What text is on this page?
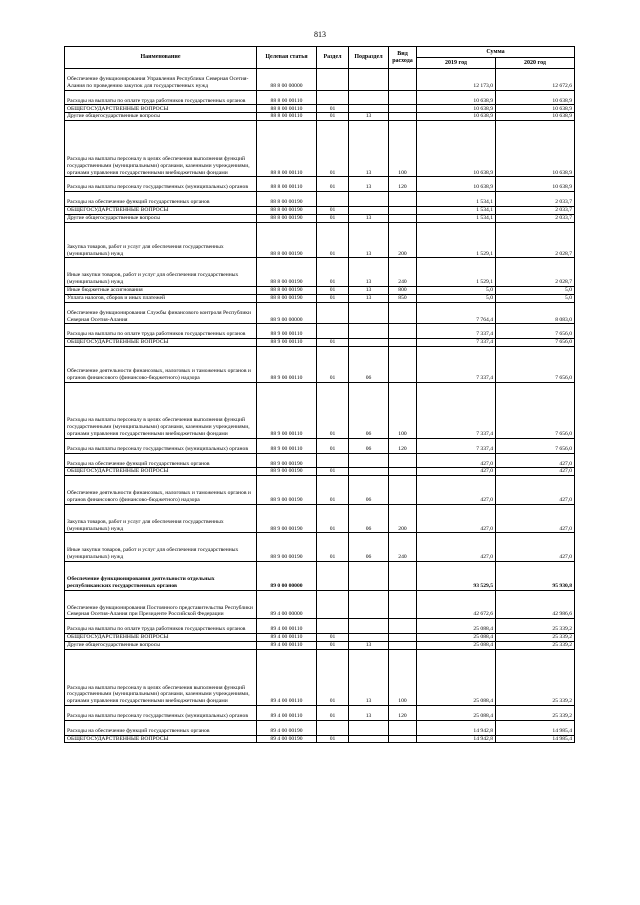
813
Наименование	Целевая статья	Раздел	Подраздел	Вид расхода	Сумма	
					2019 год	2020 год
Обеспечение функционирования Управления Республики Северная Осетия-Алания по проведению закупок для государственных нужд	88 8 00 00000				12 173,0	12 672,6
Расходы на выплаты по оплате труда работников государственных органов	88 8 00 00110				10 638,9	10 638,9
ОБЩЕГОСУДАРСТВЕННЫЕ ВОПРОСЫ	88 8 00 00110	01			10 638,9	10 638,9
Другие общегосударственные вопросы	88 8 00 00110	01	13		10 638,9	10 638,9
Расходы на выплаты персоналу в целях обеспечения выполнения функций государственными (муниципальными) органами, казенными учреждениями, органами управления государственными внебюджетными фондами	88 8 00 00110	01	13	100	10 638,9	10 638,9
Расходы на выплаты персоналу государственных (муниципальных) органов	88 8 00 00110	01	13	120	10 638,9	10 638,9
Расходы на обеспечение функций государственных органов	88 8 00 00190				1 534,1	2 033,7
ОБЩЕГОСУДАРСТВЕННЫЕ ВОПРОСЫ	88 8 00 00190	01			1 534,1	2 033,7
Другие общегосударственные вопросы	88 8 00 00190	01	13		1 534,1	2 033,7
Закупка товаров, работ и услуг для обеспечения государственных (муниципальных) нужд	88 8 00 00190	01	13	200	1 529,1	2 028,7
Иные закупки товаров, работ и услуг для обеспечения государственных (муниципальных) нужд	88 8 00 00190	01	13	240	1 529,1	2 028,7
Иные бюджетные ассигнования	88 8 00 00190	01	13	800	5,0	5,0
Уплата налогов, сборов и иных платежей	88 8 00 00190	01	13	850	5,0	5,0
Обеспечение функционирования Службы финансового контроля Республики Северная Осетия-Алания	88 9 00 00000				7 764,4	8 083,0
Расходы на выплаты по оплате труда работников государственных органов	88 9 00 00110				7 337,4	7 656,0
ОБЩЕГОСУДАРСТВЕННЫЕ ВОПРОСЫ	88 9 00 00110	01			7 337,4	7 656,0
Обеспечение деятельности финансовых, налоговых и таможенных органов и органов финансового (финансово-бюджетного) надзора	88 9 00 00110	01	06		7 337,4	7 656,0
Расходы на выплаты персоналу в целях обеспечения выполнения функций государственными (муниципальными) органами, казенными учреждениями, органами управления государственными внебюджетными фондами	88 9 00 00110	01	06	100	7 337,4	7 656,0
Расходы на выплаты персоналу государственных (муниципальных) органов	88 9 00 00110	01	06	120	7 337,4	7 656,0
Расходы на обеспечение функций государственных органов	88 9 00 00190				427,0	427,0
ОБЩЕГОСУДАРСТВЕННЫЕ ВОПРОСЫ	88 9 00 00190	01			427,0	427,0
Обеспечение деятельности финансовых, налоговых и таможенных органов и органов финансового (финансово-бюджетного) надзора	88 9 00 00190	01	06		427,0	427,0
Закупка товаров, работ и услуг для обеспечения государственных (муниципальных) нужд	88 9 00 00190	01	06	200	427,0	427,0
Иные закупки товаров, работ и услуг для обеспечения государственных (муниципальных) нужд	88 9 00 00190	01	06	240	427,0	427,0
Обеспечение функционирования деятельности отдельных республиканских государственных органов	89 0 00 00000				93 529,5	95 930,8
Обеспечение функционирования Постоянного представительства Республики Северная Осетия-Алания при Президенте Российской Федерации	89 4 00 00000				42 672,6	42 986,6
Расходы на выплаты по оплате труда работников государственных органов	89 4 00 00110				25 088,4	25 339,2
ОБЩЕГОСУДАРСТВЕННЫЕ ВОПРОСЫ	89 4 00 00110	01			25 088,4	25 339,2
Другие общегосударственные вопросы	89 4 00 00110	01	13		25 088,4	25 339,2
Расходы на выплаты персоналу в целях обеспечения выполнения функций государственными (муниципальными) органами, казенными учреждениями, органами управления государственными внебюджетными фондами	89 4 00 00110	01	13	100	25 088,4	25 339,2
Расходы на выплаты персоналу государственных (муниципальных) органов	89 4 00 00110	01	13	120	25 088,4	25 339,2
Расходы на обеспечение функций государственных органов	89 4 00 00190				14 942,8	14 985,4
ОБЩЕГОСУДАРСТВЕННЫЕ ВОПРОСЫ	89 4 00 00190	01			14 942,8	14 985,4
